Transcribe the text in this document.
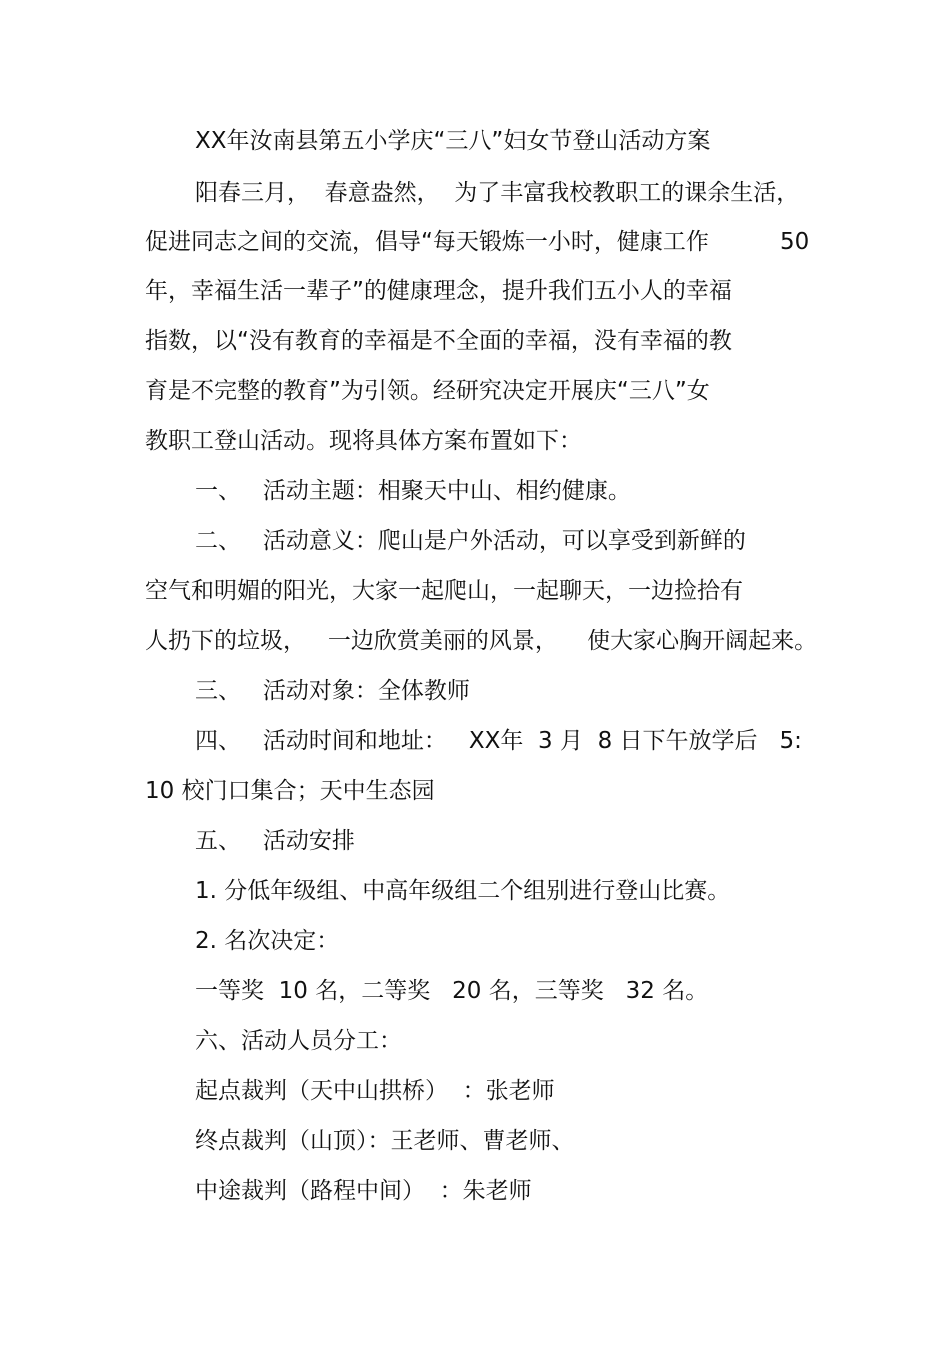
XX年汝南县第五小学庆“三八”妇女节登山活动方案
阳春三月，  春意盎然，  为了丰富我校教职工的课余生活，
促进同志之间的交流，倡导“每天锻炼一小时，健康工作	50
年，幸福生活一辈子”的健康理念，提升我们五小人的幸福
指数，以“没有教育的幸福是不全面的幸福，没有幸福的教
育是不完整的教育”为引领。经研究决定开展庆“三八”女
教职工登山活动。现将具体方案布置如下：
一、   活动主题：相聚天中山、相约健康。
二、   活动意义：爬山是户外活动，可以享受到新鲜的
空气和明媚的阳光，大家一起爬山，一起聊天，一边捡拾有
人扔下的垃圾，   一边欣赏美丽的风景，    使大家心胸开阔起来。
三、   活动对象：全体教师
四、   活动时间和地址：   XX年  3 月  8 日下午放学后   5:
10 校门口集合；天中生态园
五、   活动安排
1. 分低年级组、中高年级组二个组别进行登山比赛。
2. 名次决定：
一等奖  10 名，二等奖   20 名，三等奖   32 名。
六、活动人员分工：
起点裁判（天中山拱桥）  ：张老师
终点裁判（山顶）：王老师、曹老师、
中途裁判（路程中间）  ：朱老师
